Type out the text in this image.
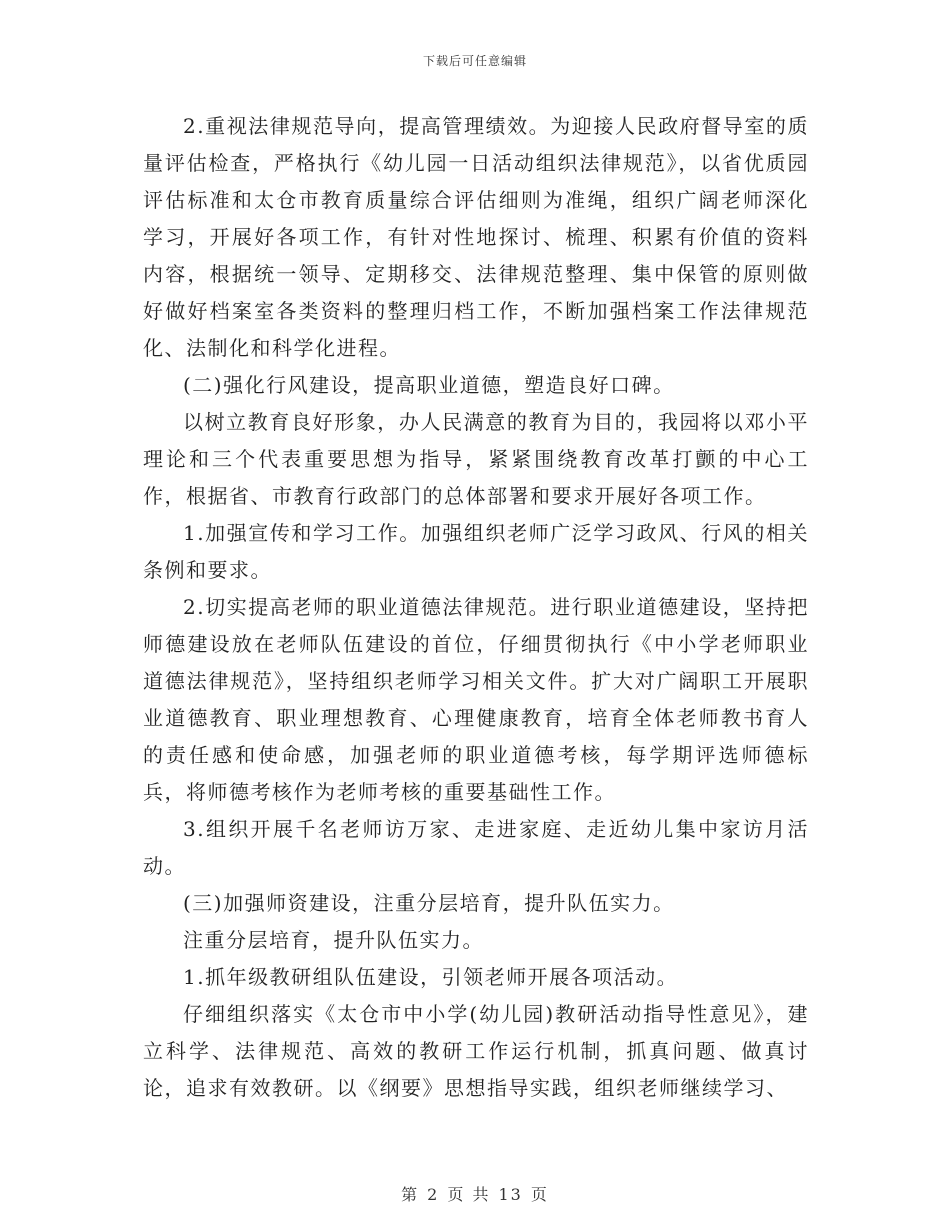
下载后可任意编辑

2.重视法律规范导向，提高管理绩效。为迎接人民政府督导室的质量评估检查，严格执行《幼儿园一日活动组织法律规范》，以省优质园评估标准和太仓市教育质量综合评估细则为准绳，组织广阔老师深化学习，开展好各项工作，有针对性地探讨、梳理、积累有价值的资料内容，根据统一领导、定期移交、法律规范整理、集中保管的原则做好做好档案室各类资料的整理归档工作，不断加强档案工作法律规范化、法制化和科学化进程。

(二)强化行风建设，提高职业道德，塑造良好口碑。

以树立教育良好形象，办人民满意的教育为目的，我园将以邓小平理论和三个代表重要思想为指导，紧紧围绕教育改革打颤的中心工作，根据省、市教育行政部门的总体部署和要求开展好各项工作。

1.加强宣传和学习工作。加强组织老师广泛学习政风、行风的相关条例和要求。

2.切实提高老师的职业道德法律规范。进行职业道德建设，坚持把师德建设放在老师队伍建设的首位，仔细贯彻执行《中小学老师职业道德法律规范》，坚持组织老师学习相关文件。扩大对广阔职工开展职业道德教育、职业理想教育、心理健康教育，培育全体老师教书育人的责任感和使命感，加强老师的职业道德考核，每学期评选师德标兵，将师德考核作为老师考核的重要基础性工作。

3.组织开展千名老师访万家、走进家庭、走近幼儿集中家访月活动。

(三)加强师资建设，注重分层培育，提升队伍实力。

注重分层培育，提升队伍实力。

1.抓年级教研组队伍建设，引领老师开展各项活动。

仔细组织落实《太仓市中小学(幼儿园)教研活动指导性意见》，建立科学、法律规范、高效的教研工作运行机制，抓真问题、做真讨论，追求有效教研。以《纲要》思想指导实践，组织老师继续学习、

第 2 页 共 13 页
